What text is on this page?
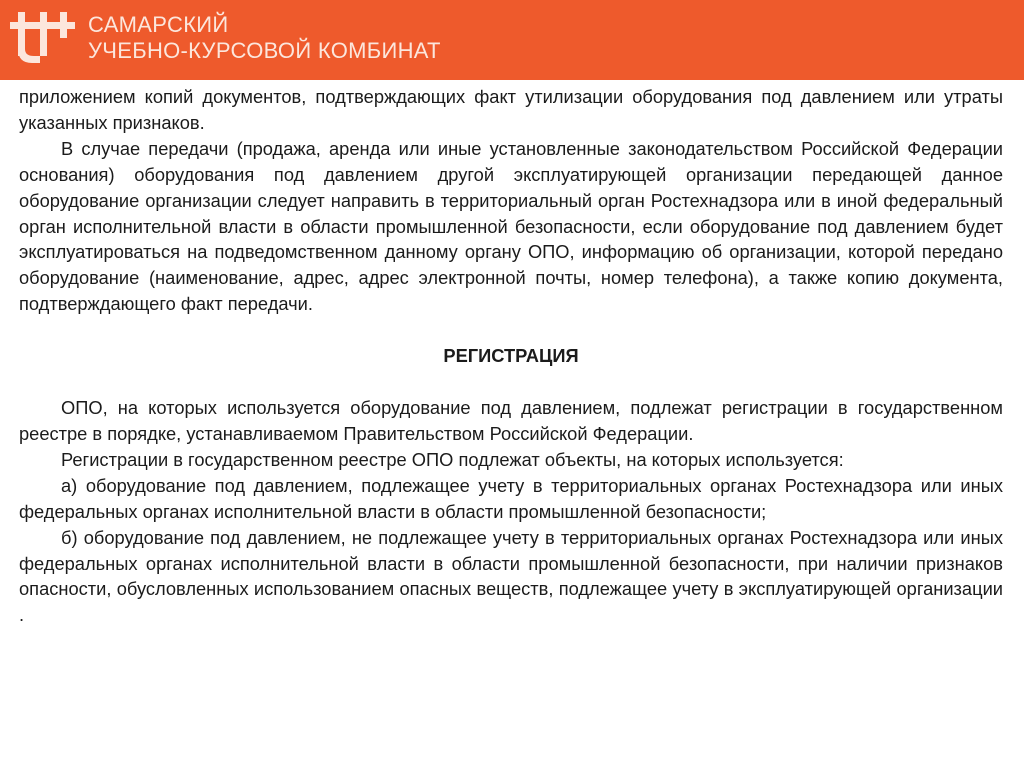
САМАРСКИЙ
УЧЕБНО-КУРСОВОЙ КОМБИНАТ

приложением копий документов, подтверждающих факт утилизации оборудования под давлением или утраты указанных признаков.

В случае передачи (продажа, аренда или иные установленные законодательством Российской Федерации основания) оборудования под давлением другой эксплуатирующей организации передающей данное оборудование организации следует направить в территориальный орган Ростехнадзора или в иной федеральный орган исполнительной власти в области промышленной безопасности, если оборудование под давлением будет эксплуатироваться на подведомственном данному органу ОПО, информацию об организации, которой передано оборудование (наименование, адрес, адрес электронной почты, номер телефона), а также копию документа, подтверждающего факт передачи.

РЕГИСТРАЦИЯ

ОПО, на которых используется оборудование под давлением, подлежат регистрации в государственном реестре в порядке, устанавливаемом Правительством Российской Федерации.

Регистрации в государственном реестре ОПО подлежат объекты, на которых используется:

а) оборудование под давлением, подлежащее учету в территориальных органах Ростехнадзора или иных федеральных органах исполнительной власти в области промышленной безопасности;

б) оборудование под давлением, не подлежащее учету в территориальных органах Ростехнадзора или иных федеральных органах исполнительной власти в области промышленной безопасности, при наличии признаков опасности, обусловленных использованием опасных веществ, подлежащее учету в эксплуатирующей организации .
